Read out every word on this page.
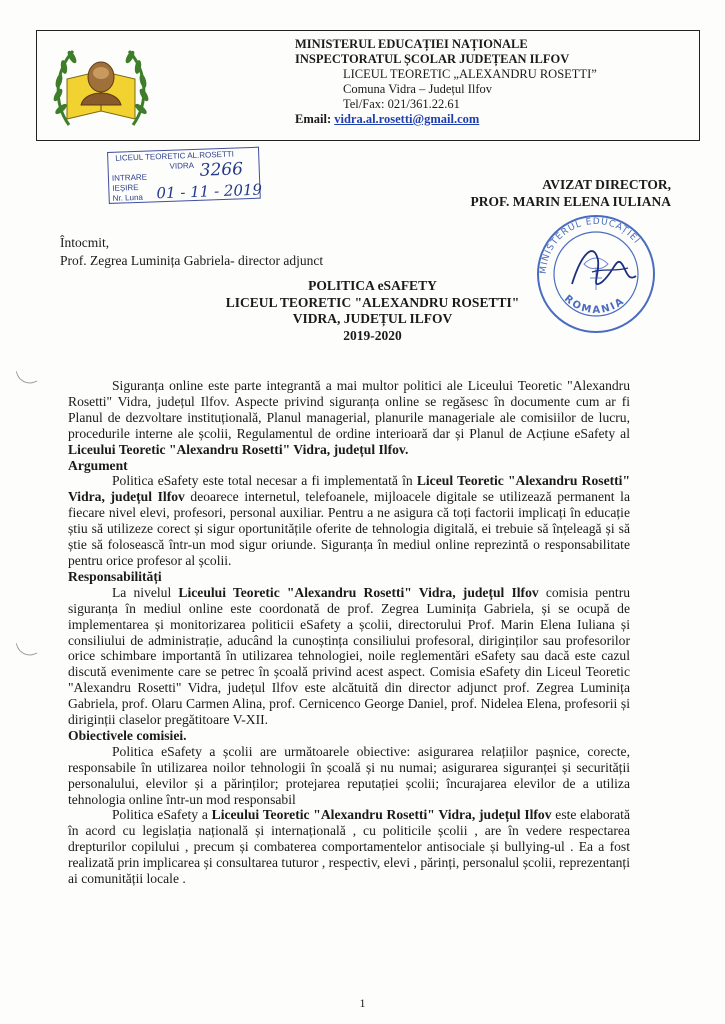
MINISTERUL EDUCAȚIEI NAȚIONALE
INSPECTORATUL ȘCOLAR JUDEȚEAN ILFOV
LICEUL TEORETIC „ALEXANDRU ROSETTI”
Comuna Vidra – Județul Ilfov
Tel/Fax: 021/361.22.61
Email: vidra.al.rosetti@gmail.com
LICEUL TEORETIC AL.ROSETTI
VIDRA
INTRARE
IEȘIRE
Nr. Luna
3266
01 - 11 - 2019	AVIZAT DIRECTOR,
PROF. MARIN ELENA IULIANA
MINISTERUL EDUCAȚIEI
ROMANIA
Întocmit,
Prof. Zegrea Luminița Gabriela- director adjunct
POLITICA eSAFETY
LICEUL TEORETIC "ALEXANDRU ROSETTI"
VIDRA, JUDEȚUL ILFOV
2019-2020

Siguranța online este parte integrantă a mai multor politici ale Liceului Teoretic "Alexandru Rosetti" Vidra, județul Ilfov. Aspecte privind siguranța online se regăsesc în documente cum ar fi Planul de dezvoltare instituțională, Planul managerial, planurile manageriale ale comisiilor de lucru, procedurile interne ale școlii, Regulamentul de ordine interioară dar și Planul de Acțiune eSafety al Liceului Teoretic "Alexandru Rosetti" Vidra, județul Ilfov.

Argument

Politica eSafety este total necesar a fi implementată în Liceul Teoretic "Alexandru Rosetti" Vidra, județul Ilfov deoarece internetul, telefoanele, mijloacele digitale se utilizează permanent la fiecare nivel elevi, profesori, personal auxiliar. Pentru a ne asigura că toți factorii implicați în educație știu să utilizeze corect și sigur oportunitățile oferite de tehnologia digitală, ei trebuie să înțeleagă și să știe să folosească într-un mod sigur oriunde. Siguranța în mediul online reprezintă o responsabilitate pentru orice profesor al școlii.

Responsabilități

La nivelul Liceului Teoretic "Alexandru Rosetti" Vidra, județul Ilfov comisia pentru siguranța în mediul online este coordonată de prof. Zegrea Luminița Gabriela, și se ocupă de implementarea și monitorizarea politicii eSafety a școlii, directorului Prof. Marin Elena Iuliana și consiliului de administrație, aducând la cunoștința consiliului profesoral, diriginților sau profesorilor orice schimbare importantă în utilizarea tehnologiei, noile reglementări eSafety sau dacă este cazul discută evenimente care se petrec în școală privind acest aspect. Comisia eSafety din Liceul Teoretic "Alexandru Rosetti" Vidra, județul Ilfov este alcătuită din director adjunct prof. Zegrea Luminița Gabriela, prof. Olaru Carmen Alina, prof. Cernicenco George Daniel, prof. Nidelea Elena, profesorii și diriginții claselor pregătitoare V-XII.

Obiectivele comisiei.

Politica eSafety a școlii are următoarele obiective: asigurarea relațiilor pașnice, corecte, responsabile în utilizarea noilor tehnologii în școală și nu numai; asigurarea siguranței și securității personalului, elevilor și a părinților; protejarea reputației școlii; încurajarea elevilor de a utiliza tehnologia online într-un mod responsabil

Politica eSafety a Liceului Teoretic "Alexandru Rosetti" Vidra, județul Ilfov este elaborată în acord cu legislația națională și internațională , cu politicile școlii , are în vedere respectarea drepturilor copilului , precum și combaterea comportamentelor antisociale și bullying-ul . Ea a fost realizată prin implicarea și consultarea tuturor , respectiv, elevi , părinți, personalul școlii, reprezentanți ai comunității locale .

1
